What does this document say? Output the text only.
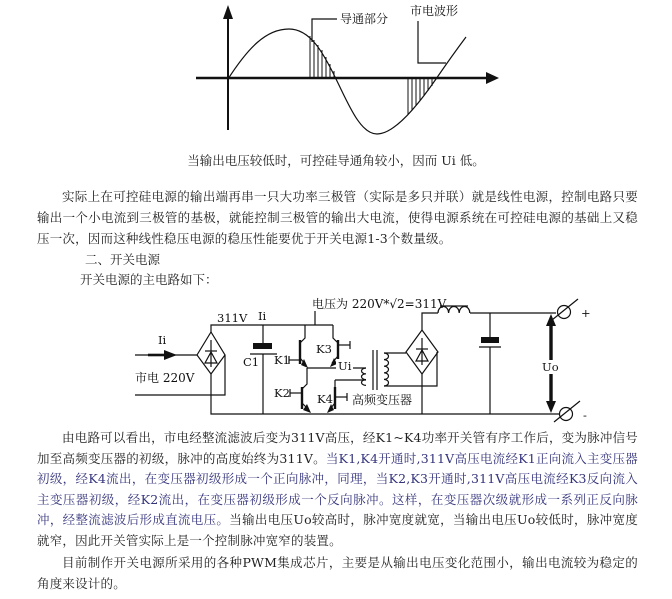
导通部分
市电波形
当输出电压较低时，可控硅导通角较小，因而 Ui 低。

实际上在可控硅电源的输出端再串一只大功率三极管（实际是多只并联）就是线性电源，控制电路只要输出一个小电流到三极管的基极，就能控制三极管的输出大电流，使得电源系统在可控硅电源的基础上又稳压一次，因而这种线性稳压电源的稳压性能要优于开关电源1-3个数量级。

二、开关电源
开关电源的主电路如下：
Ii
市电 220V
311V Ii
电压为 220V*√2=311V
C1 K1
K3
K2 K4
Ui
高频变压器
Uo
+
-

由电路可以看出，市电经整流滤波后变为311V高压，经K1~K4功率开关管有序工作后，变为脉冲信号加至高频变压器的初级，脉冲的高度始终为311V。当K1,K4开通时,311V高压电流经K1正向流入主变压器初级，经K4流出，在变压器初级形成一个正向脉冲，同理，当K2,K3开通时,311V高压电流经K3反向流入主变压器初级，经K2流出，在变压器初级形成一个反向脉冲。这样，在变压器次级就形成一系列正反向脉冲，经整流滤波后形成直流电压。当输出电压Uo较高时，脉冲宽度就宽，当输出电压Uo较低时，脉冲宽度就窄，因此开关管实际上是一个控制脉冲宽窄的装置。

目前制作开关电源所采用的各种PWM集成芯片，主要是从输出电压变化范围小，输出电流较为稳定的角度来设计的。
